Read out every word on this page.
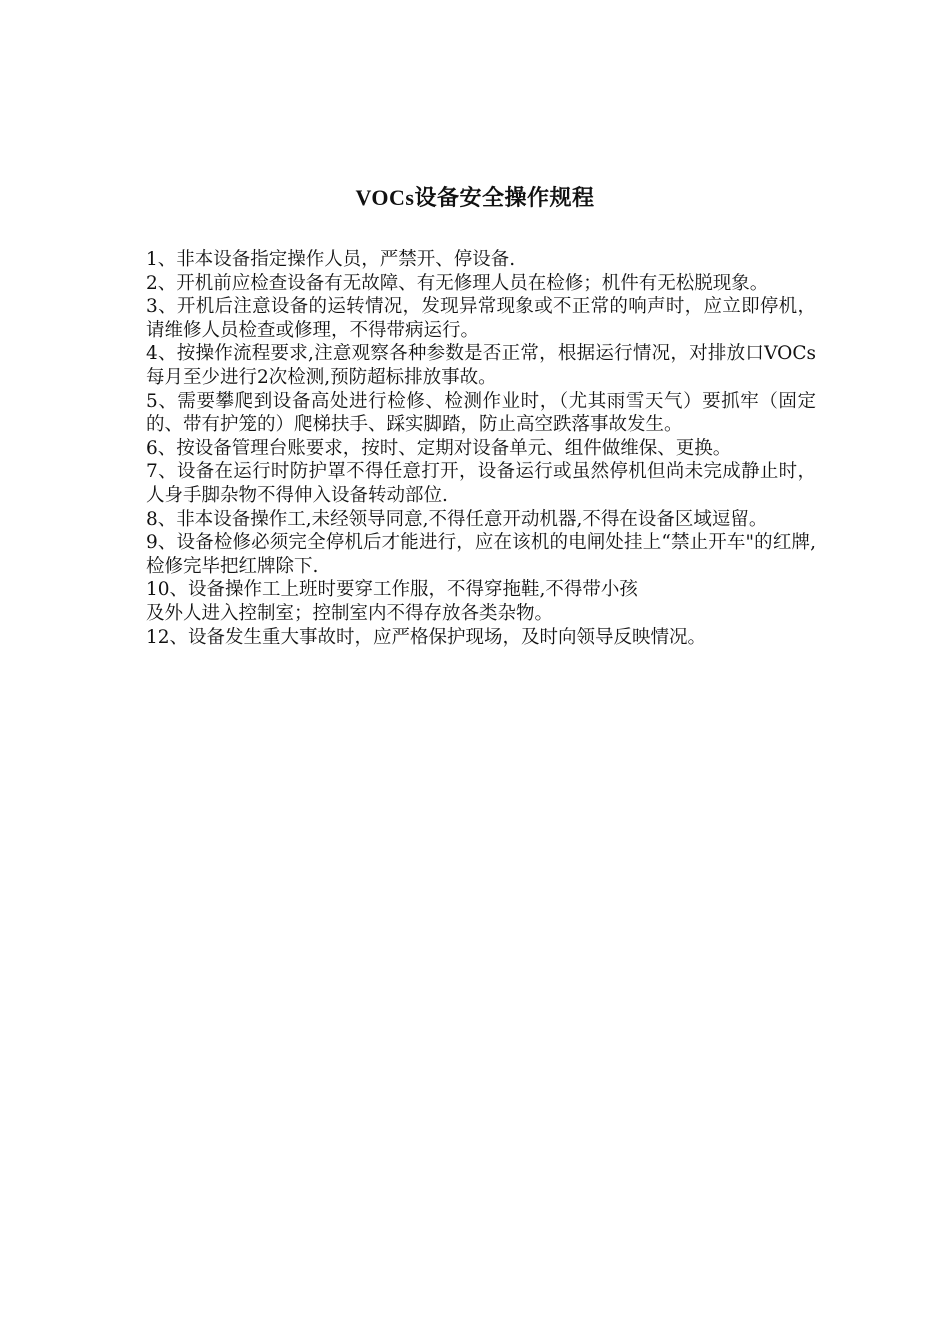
VOCs设备安全操作规程

1、非本设备指定操作人员，严禁开、停设备.

2、开机前应检查设备有无故障、有无修理人员在检修；机件有无松脱现象。

3、开机后注意设备的运转情况，发现异常现象或不正常的响声时，应立即停机，请维修人员检查或修理，不得带病运行。

4、按操作流程要求,注意观察各种参数是否正常，根据运行情况，对排放口VOCs每月至少进行2次检测,预防超标排放事故。

5、需要攀爬到设备高处进行检修、检测作业时，（尤其雨雪天气）要抓牢（固定的、带有护笼的）爬梯扶手、踩实脚踏，防止高空跌落事故发生。

6、按设备管理台账要求，按时、定期对设备单元、组件做维保、更换。

7、设备在运行时防护罩不得任意打开，设备运行或虽然停机但尚未完成静止时，人身手脚杂物不得伸入设备转动部位.

8、非本设备操作工,未经领导同意,不得任意开动机器,不得在设备区域逗留。

9、设备检修必须完全停机后才能进行，应在该机的电闸处挂上“禁止开车"的红牌,检修完毕把红牌除下.

10、设备操作工上班时要穿工作服，不得穿拖鞋,不得带小孩

及外人进入控制室；控制室内不得存放各类杂物。

12、设备发生重大事故时，应严格保护现场，及时向领导反映情况。
